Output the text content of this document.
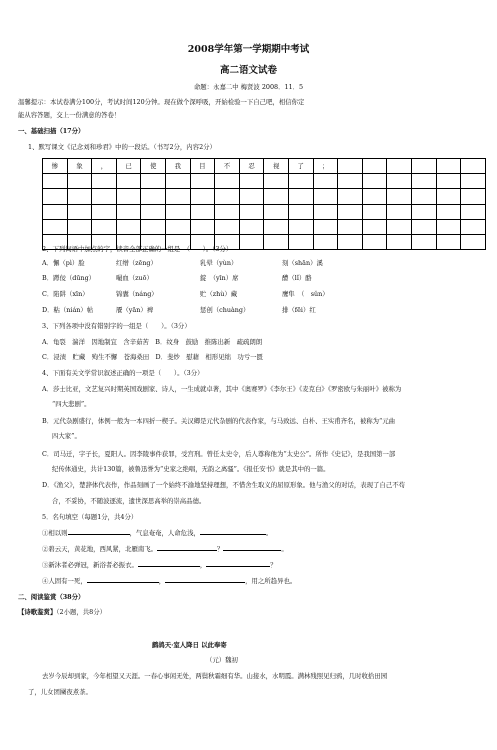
2008学年第一学期期中考试
高二语文试卷
命题：永嘉二中 梅贤波 2008．11．5
温馨提示：本试卷满分100分，考试时间120分钟。现在做个深呼吸，开始检验一下自己吧，相信你定
能从容答题，交上一份满意的答卷！
一、基础扫描（17分）
1、默写课文《记念刘和珍君》中的一段话。（书写2分，内容2分）
惨	象	，	已	使	我	目	不	忍	视	了	；						

2、下列词语中加点的字，读音全部正确的一组是　（　　）。（3分）
A．懈（pì）脸	红缯（zēng）	乳晕（yùn）	刻（shān）溪
B．蹲佞（dūng）	嘬血（zuō）	錠　（yīn）席	醴（lǐ）酪
C．陷阱（xīn）	锦囊（náng）	贮（zhù）藏	鹰隼　（　sǔn）
D．粘（nián）帖	餍（yān）裨	惩创（chuàng）	排（fēi）红
3、下列各项中没有错别字的一组是（　　）。（3分）
A．龟裂　湍洋　因地制宜　含辛茹苦　B．纹身　鼓励　推陈出新　疏疏朗朗
C．浸渍　贮藏　殉生不懈　苍海桑田　D．斐炒　慰藉　相形见绌　功亏一匮
4、下面有关文学常识叙述正确的一项是（　　）。（3分）
A．莎士比亚，文艺复兴时期英国戏剧家、诗人，一生成就卓著，其中《奥赛罗》《李尔王》《麦克白》《罗密欧与朱丽叶》被称为
“四大悲剧”。
B．元代杂剧盛行，体例一般为一本四折一楔子。关汉卿是元代杂剧的代表作家，与马致远、白朴、王实甫齐名，被称为“元曲
四大家”。
C．司马迁，字子长，夏阳人。因李陵事件获罪，受宫刑。曾任太史令，后人尊称他为“太史公”。所作《史记》，是我国第一部
纪传体通史，共计130篇，被鲁迅誉为“史家之绝唱，无韵之离骚”。《报任安书》就是其中的一篇。
D．《渔父》，楚辞体代表作，作品刻画了一个始终不渝地坚持理想，不惜舍生取义的屈原形象。他与渔父的对话，表现了自己不苟
合，不妥协，不随波逐流，遗世深思高举的崇高品德。
5．名句填空（每题1分，共4分）
①相以则	，气息奄奄，人命危浅，	。
②碧云天，黄花地，西风紧，北雁南飞。	？	。
③新沐者必弹冠，新浴者必振衣。	，	？
④人固有一死，	，	，用之所趋异也。
二、阅读鉴赏（38分）
【诗歌鉴赏】（2小题，共8分）
鹧鸪天·室人降日 以此奉寄
（元）魏初
去岁今辰却到家，今年相望又天涯。一春心事闲无处，两鬓秋霜细有华。山接水，水明霞。满林残照见归鸦，几时收拾田园
了，儿女团圞夜煮茶。
